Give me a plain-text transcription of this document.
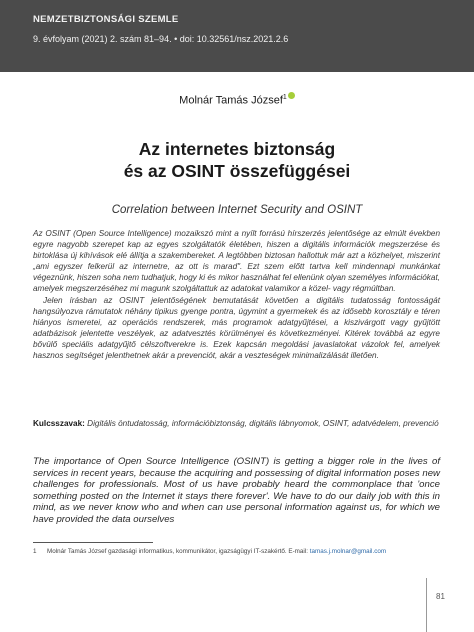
NEMZETBIZTONSÁGI SZEMLE
9. évfolyam (2021) 2. szám 81–94. • doi: 10.32561/nsz.2021.2.6
Molnár Tamás József$^1$
Az internetes biztonság
és az OSINT összefüggései
Correlation between Internet Security and OSINT

Az OSINT (Open Source Intelligence) mozaikszó mint a nyílt forrású hírszerzés jelentősége az elmúlt években egyre nagyobb szerepet kap az egyes szolgáltatók életében, hiszen a digitális információk megszerzése és birtoklása új kihívások elé állítja a szakembereket. A legtöbben biztosan hallottuk már azt a közhelyet, miszerint „ami egyszer felkerül az internetre, az ott is marad". Ezt szem előtt tartva kell mindennapi munkánkat végeznünk, hiszen soha nem tudhatjuk, hogy ki és mikor használhat fel ellenünk olyan személyes információkat, amelyek megszerzéséhez mi magunk szolgáltattuk az adatokat valamikor a közel- vagy régmúltban.

Jelen írásban az OSINT jelentőségének bemutatását követően a digitális tudatosság fontosságát hangsúlyozva rámutatok néhány tipikus gyenge pontra, úgymint a gyermekek és az idősebb korosztály e téren hiányos ismeretei, az operációs rendszerek, más programok adatgyűjtései, a kiszivárgott vagy gyűjtött adatbázisok jelentette veszélyek, az adatvesztés körülményei és következményei. Kitérek továbbá az egyre bővülő speciális adatgyűjtő célszoftverekre is. Ezek kapcsán megoldási javaslatokat vázolok fel, amelyek hasznos segítséget jelenthetnek akár a prevenciót, akár a veszteségek minimalizálását illetően.

Kulcsszavak: Digitális öntudatosság, információbiztonság, digitális lábnyomok, OSINT, adatvédelem, prevenció
The importance of Open Source Intelligence (OSINT) is getting a bigger role in the lives of services in recent years, because the acquiring and possessing of digital information poses new challenges for professionals. Most of us have probably heard the commonplace that 'once something posted on the Internet it stays there forever'. We have to do our daily job with this in mind, as we never know who and when can use personal information against us, for which we have provided the data ourselves
1 Molnár Tamás József gazdasági informatikus, kommunikátor, igazságügyi IT-szakértő. E-mail: tamas.j.molnar@gmail.com
81
